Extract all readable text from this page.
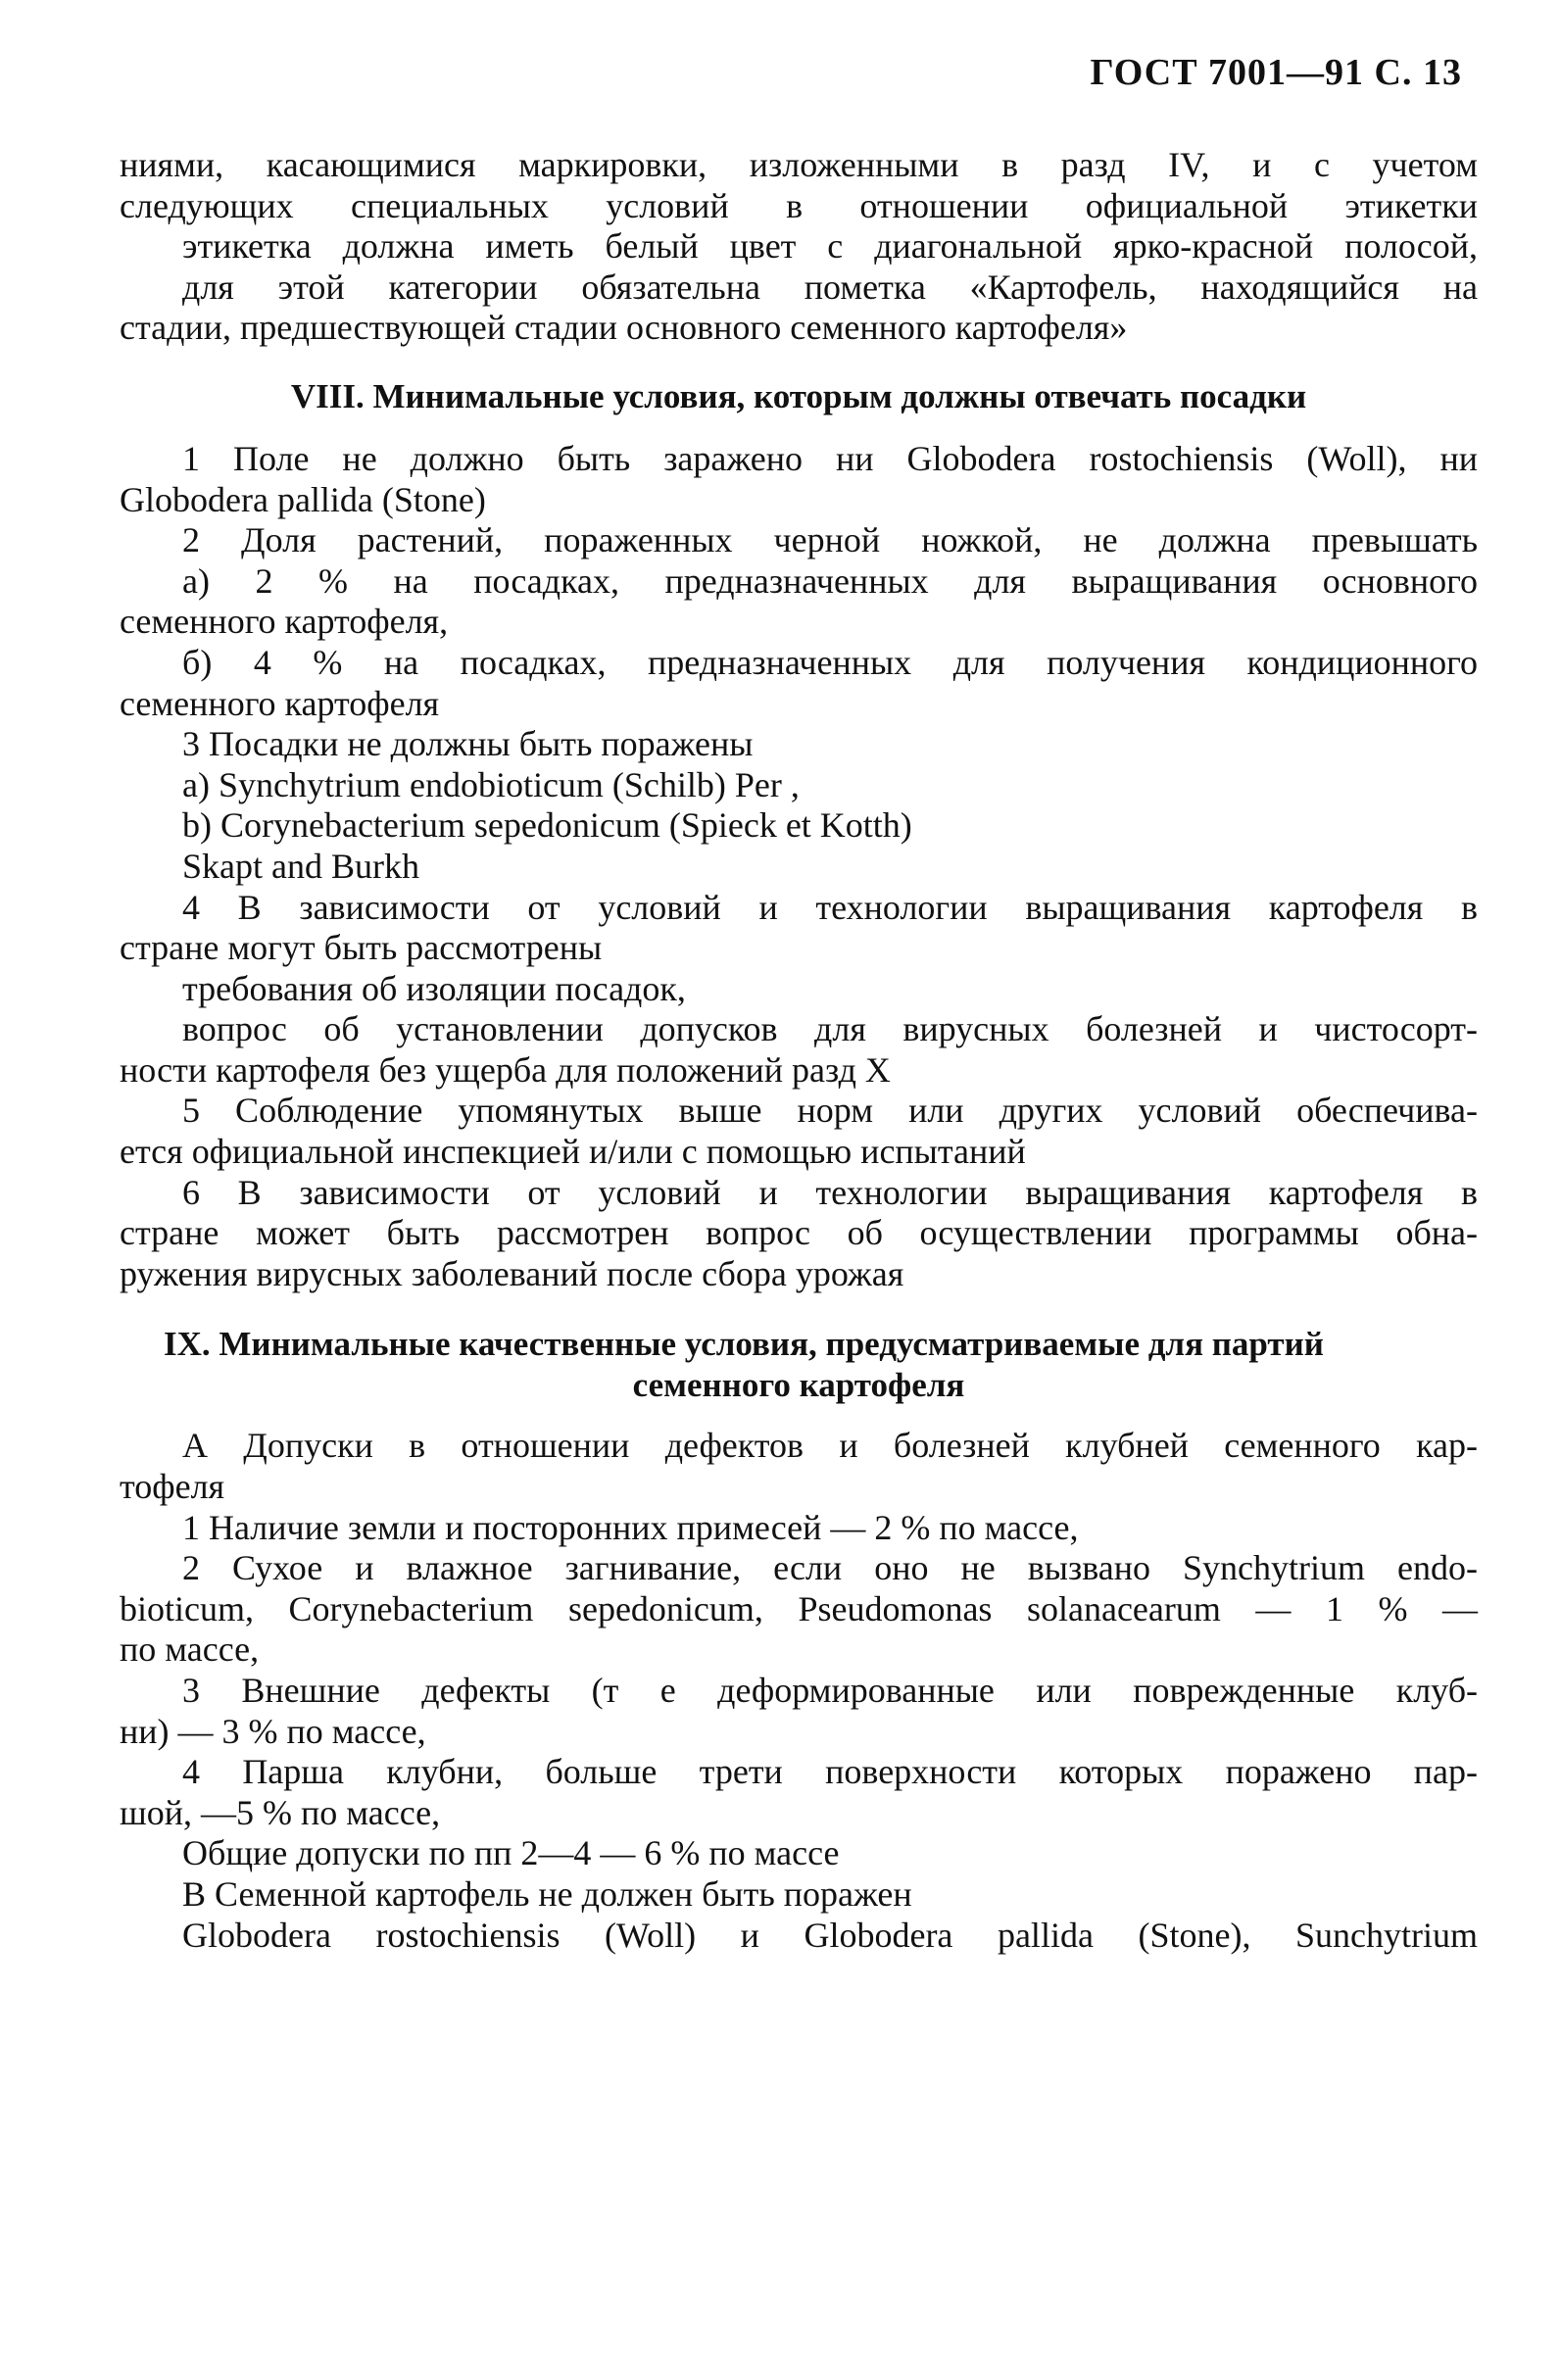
ГОСТ 7001—91 С. 13

ниями, касающимися маркировки, изложенными в разд IV, и с учетом

следующих специальных условий в отношении официальной этикетки

этикетка должна иметь белый цвет с диагональной ярко-красной полосой,

для этой категории обязательна пометка «Картофель, находящийся на

стадии, предшествующей стадии основного семенного картофеля»

VIII. Минимальные условия, которым должны отвечать посадки

1 Поле не должно быть заражено ни Globodera rostochiensis (Woll), ни

Globodera pallida (Stone)

2 Доля растений, пораженных черной ножкой, не должна превышать

а) 2 % на посадках, предназначенных для выращивания основного

семенного картофеля,

б) 4 % на посадках, предназначенных для получения кондиционного

семенного картофеля

3 Посадки не должны быть поражены

а) Synchytrium endobioticum (Schilb) Per ,

b) Corynebacterium sepedonicum (Spieck et Kotth)

Skapt and Burkh

4 В зависимости от условий и технологии выращивания картофеля в

стране могут быть рассмотрены

требования об изоляции посадок,

вопрос об установлении допусков для вирусных болезней и чистосорт-

ности картофеля без ущерба для положений разд X

5 Соблюдение упомянутых выше норм или других условий обеспечива-

ется официальной инспекцией и/или с помощью испытаний

6 В зависимости от условий и технологии выращивания картофеля в

стране может быть рассмотрен вопрос об осуществлении программы обна-

ружения вирусных заболеваний после сбора урожая

IX. Минимальные качественные условия, предусматриваемые для партий

семенного картофеля

А Допуски в отношении дефектов и болезней клубней семенного кар-

тофеля

1 Наличие земли и посторонних примесей — 2 % по массе,

2 Сухое и влажное загнивание, если оно не вызвано Synchytrium endo-

bioticum, Corynebacterium sepedonicum, Pseudomonas solanacearum — 1 % —

по массе,

3 Внешние дефекты (т е деформированные или поврежденные клуб-

ни) — 3 % по массе,

4 Парша клубни, больше трети поверхности которых поражено пар-

шой, —5 % по массе,

Общие допуски по пп 2—4 — 6 % по массе

В Семенной картофель не должен быть поражен

Globodera rostochiensis (Woll) и Globodera pallida (Stone), Sunchytrium
